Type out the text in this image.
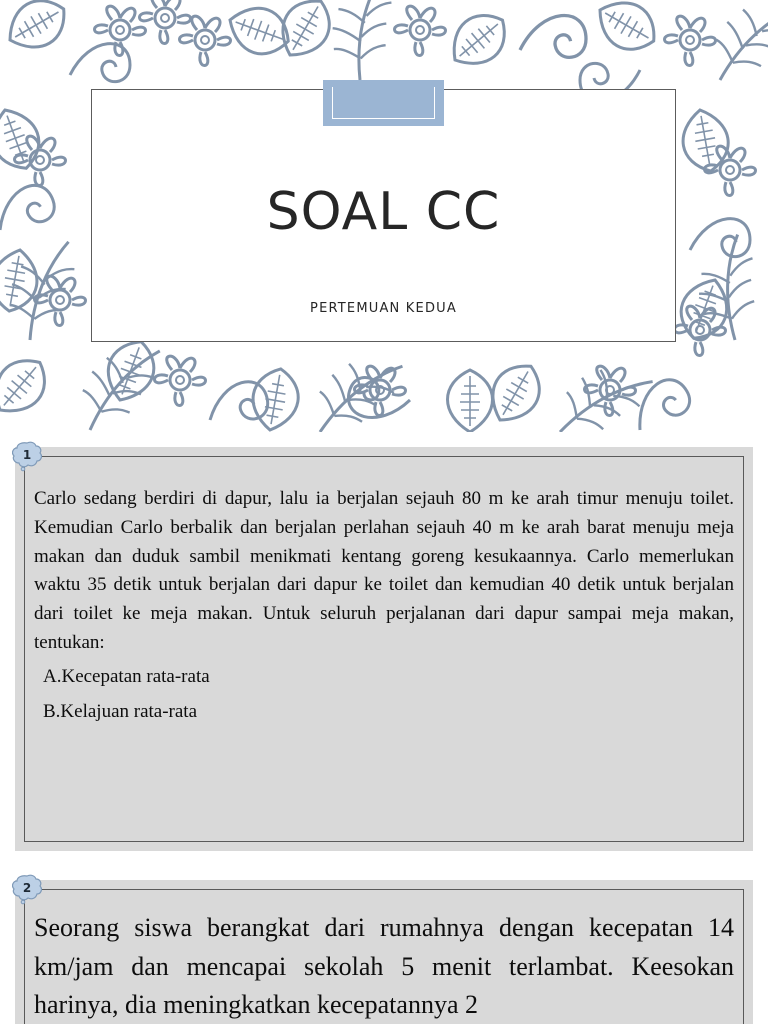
SOAL CC
PERTEMUAN KEDUA
Carlo sedang berdiri di dapur, lalu ia berjalan sejauh 80 m ke arah timur menuju toilet. Kemudian Carlo berbalik dan berjalan perlahan sejauh 40 m ke arah barat menuju meja makan dan duduk sambil menikmati kentang goreng kesukaannya. Carlo memerlukan waktu 35 detik untuk berjalan dari dapur ke toilet dan kemudian 40 detik untuk berjalan dari toilet ke meja makan. Untuk seluruh perjalanan dari dapur sampai meja makan, tentukan:
A.Kecepatan rata-rata
B.Kelajuan rata-rata
1
Seorang siswa berangkat dari rumahnya dengan kecepatan 14 km/jam dan mencapai sekolah 5 menit terlambat. Keesokan harinya, dia meningkatkan kecepatannya 2
2
